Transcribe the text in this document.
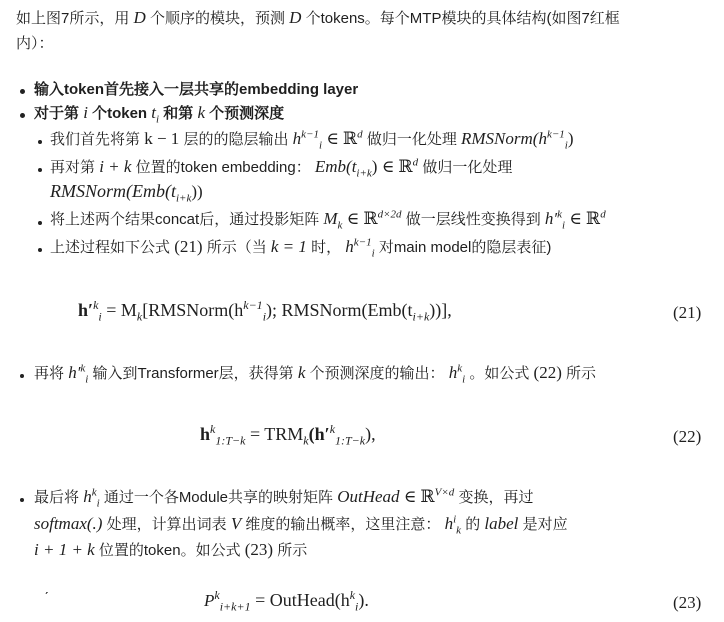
如上图7所示，用 D 个顺序的模块，预测 D 个tokens。每个MTP模块的具体结构(如图7红框
内）：
输入token首先接入一层共享的embedding layer
对于第 i 个token $t_i$ 和第 k 个预测深度
我们首先将第 k − 1 层的的隐层输出 $h^{k-1}_i$ ∈ ℝ$^d$ 做归一化处理 $RMSNorm(h^{k-1}_i)$
再对第 i + k 位置的token embedding： $Emb(t_{i+k})$ ∈ ℝ$^d$ 做归一化处理
$RMSNorm(Emb(t_{i+k}))$
将上述两个结果concat后，通过投影矩阵 $M_k$ ∈ ℝ$^{d\times 2d}$ 做一层线性变换得到 $h'^k_i$ ∈ ℝ$^d$
上述过程如下公式 (21) 所示（当 k = 1 时， $h^{k-1}_i$ 对main model的隐层表征)
$h'^k_i$ = $M_k[RMSNorm(h^{k-1}_i)$; $RMSNorm(Emb(t_{i+k}))$],	(21)
再将 $h'^k_i$ 输入到Transformer层，获得第 k 个预测深度的输出： $h^k_i$ 。如公式 (22) 所示
$h^k_{1:T-k} = TRM_k(h'^k_{1:T-k})$,	(22)
最后将 $h^k_i$ 通过一个各Module共享的映射矩阵 OutHead ∈ ℝ$^{V\times d}$ 变换，再过
softmax(.) 处理，计算出词表 V 维度的输出概率，这里注意： $h^i_k$ 的 label 是对应
i + 1 + k 位置的token。如公式 (23) 所示
ˏ
$P^k_{i+k+1}$ = $OutHead(h^k_i)$.	(23)
